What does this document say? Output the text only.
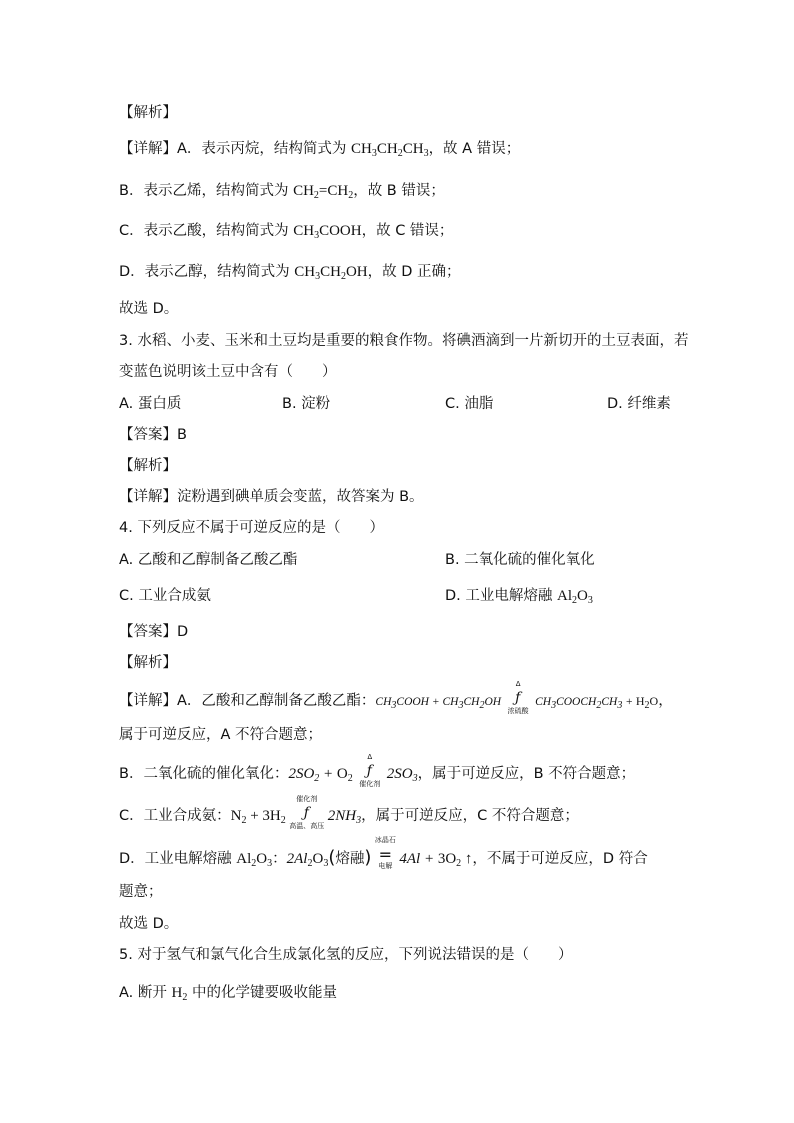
【解析】
【详解】A．表示丙烷，结构简式为 $CH_3CH_2CH_3$，故 A 错误；
B．表示乙烯，结构简式为 $CH_2=CH_2$，故 B 错误；
C．表示乙酸，结构简式为 $CH_3COOH$，故 C 错误；
D．表示乙醇，结构简式为 $CH_3CH_2OH$，故 D 正确；
故选 D。
3. 水稻、小麦、玉米和土豆均是重要的粮食作物。将碘酒滴到一片新切开的土豆表面，若
变蓝色说明该土豆中含有（　　）
A. 蛋白质	B. 淀粉	C. 油脂	D. 纤维素
【答案】B
【解析】
【详解】淀粉遇到碘单质会变蓝，故答案为 B。
4. 下列反应不属于可逆反应的是（　　）
A. 乙酸和乙醇制备乙酸乙酯	B. 二氧化硫的催化氧化
C. 工业合成氨	D. 工业电解熔融 $Al_2O_3$
【答案】D
【解析】
【详解】A．乙酸和乙醇制备乙酸乙酯：$CH_3COOH + CH_3CH_2OH$
Δ
ƒ
浓硫酸
$CH_3COOCH_2CH_3 + H_2O$，
属于可逆反应，A 不符合题意；
B．二氧化硫的催化氧化：$2SO_2 + O_2$
Δ
ƒ
催化剂
$2SO_3$，属于可逆反应，B 不符合题意；
C．工业合成氨：$N_2 + 3H_2$
催化剂
ƒ
高温、高压
$2NH_3$，属于可逆反应，C 不符合题意；
D．工业电解熔融 $Al_2O_3$：$2Al_2O_3$(熔融)
冰晶石
=
电解 $4Al + 3O_2$ ↑，不属于可逆反应，D 符合
题意；
故选 D。
5. 对于氢气和氯气化合生成氯化氢的反应，下列说法错误的是（　　）
A. 断开 $H_2$ 中的化学键要吸收能量
